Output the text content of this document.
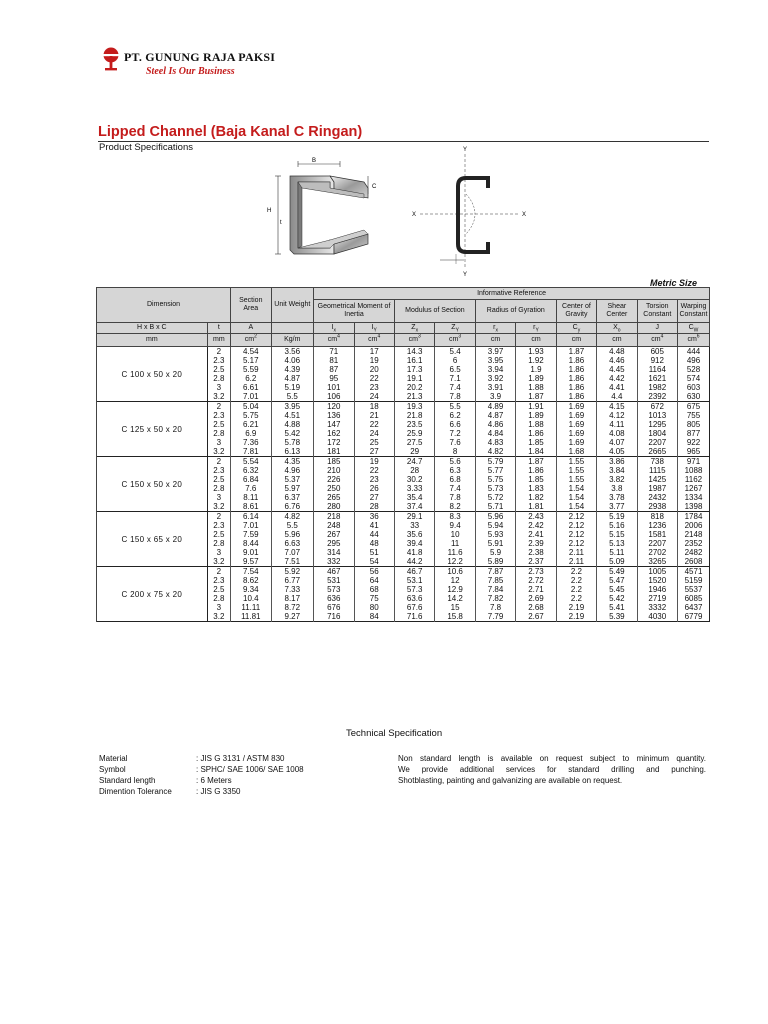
PT. GUNUNG RAJA PAKSI
Steel Is Our Business
Lipped Channel (Baja Kanal C Ringan)
Product Specifications
B
H
C
t
Y
Y
X	X
Metric Size
Dimension		Section Area	Unit Weight	Informative Reference									
				Geometrical Moment of Inertia		Modulus of Section		Radius of Gyration		Center of Gravity	Shear Center	Torsion Constant	Warping Constant
H x B x C	t	A		$I_x$	$I_Y$	$Z_x$	$Z_Y$	$r_x$	$r_Y$	$C_y$	$X_o$	J	$C_W$
mm	mm	$cm^2$	Kg/m	$cm^4$	$cm^4$	$cm^3$	$cm^3$	cm	cm	cm	cm	$cm^4$	$cm^6$
C 100 x 50 x 20	2	4.54	3.56	71	17	14.3	5.4	3.97	1.93	1.87	4.48	605	444
	2.3	5.17	4.06	81	19	16.1	6	3.95	1.92	1.86	4.46	912	496
	2.5	5.59	4.39	87	20	17.3	6.5	3.94	1.9	1.86	4.45	1164	528
	2.8	6.2	4.87	95	22	19.1	7.1	3.92	1.89	1.86	4.42	1621	574
	3	6.61	5.19	101	23	20.2	7.4	3.91	1.88	1.86	4.41	1982	603
	3.2	7.01	5.5	106	24	21.3	7.8	3.9	1.87	1.86	4.4	2392	630
C 125 x 50 x 20	2	5.04	3.95	120	18	19.3	5.5	4.89	1.91	1.69	4.15	672	675
	2.3	5.75	4.51	136	21	21.8	6.2	4.87	1.89	1.69	4.12	1013	755
	2.5	6.21	4.88	147	22	23.5	6.6	4.86	1.88	1.69	4.11	1295	805
	2.8	6.9	5.42	162	24	25.9	7.2	4.84	1.86	1.69	4.08	1804	877
	3	7.36	5.78	172	25	27.5	7.6	4.83	1.85	1.69	4.07	2207	922
	3.2	7.81	6.13	181	27	29	8	4.82	1.84	1.68	4.05	2665	965
C 150 x 50 x 20	2	5.54	4.35	185	19	24.7	5.6	5.79	1.87	1.55	3.86	738	971
	2.3	6.32	4.96	210	22	28	6.3	5.77	1.86	1.55	3.84	1115	1088
	2.5	6.84	5.37	226	23	30.2	6.8	5.75	1.85	1.55	3.82	1425	1162
	2.8	7.6	5.97	250	26	3.33	7.4	5.73	1.83	1.54	3.8	1987	1267
	3	8.11	6.37	265	27	35.4	7.8	5.72	1.82	1.54	3.78	2432	1334
	3.2	8.61	6.76	280	28	37.4	8.2	5.71	1.81	1.54	3.77	2938	1398
C 150 x 65 x 20	2	6.14	4.82	218	36	29.1	8.3	5.96	2.43	2.12	5.19	818	1784
	2.3	7.01	5.5	248	41	33	9.4	5.94	2.42	2.12	5.16	1236	2006
	2.5	7.59	5.96	267	44	35.6	10	5.93	2.41	2.12	5.15	1581	2148
	2.8	8.44	6.63	295	48	39.4	11	5.91	2.39	2.12	5.13	2207	2352
	3	9.01	7.07	314	51	41.8	11.6	5.9	2.38	2.11	5.11	2702	2482
	3.2	9.57	7.51	332	54	44.2	12.2	5.89	2.37	2.11	5.09	3265	2608
C 200 x 75 x 20	2	7.54	5.92	467	56	46.7	10.6	7.87	2.73	2.2	5.49	1005	4571
	2.3	8.62	6.77	531	64	53.1	12	7.85	2.72	2.2	5.47	1520	5159
	2.5	9.34	7.33	573	68	57.3	12.9	7.84	2.71	2.2	5.45	1946	5537
	2.8	10.4	8.17	636	75	63.6	14.2	7.82	2.69	2.2	5.42	2719	6085
	3	11.11	8.72	676	80	67.6	15	7.8	2.68	2.19	5.41	3332	6437
	3.2	11.81	9.27	716	84	71.6	15.8	7.79	2.67	2.19	5.39	4030	6779
Technical Specification
Material	: JIS G 3131 / ASTM 830
Symbol	: SPHC/ SAE 1006/ SAE 1008
Standard length	: 6 Meters
Dimention Tolerance	: JIS G 3350
Non standard length is available on request subject to minimum quantity.
We provide additional services for standard drilling and punching.
Shotblasting, painting and galvanizing are available on request.
